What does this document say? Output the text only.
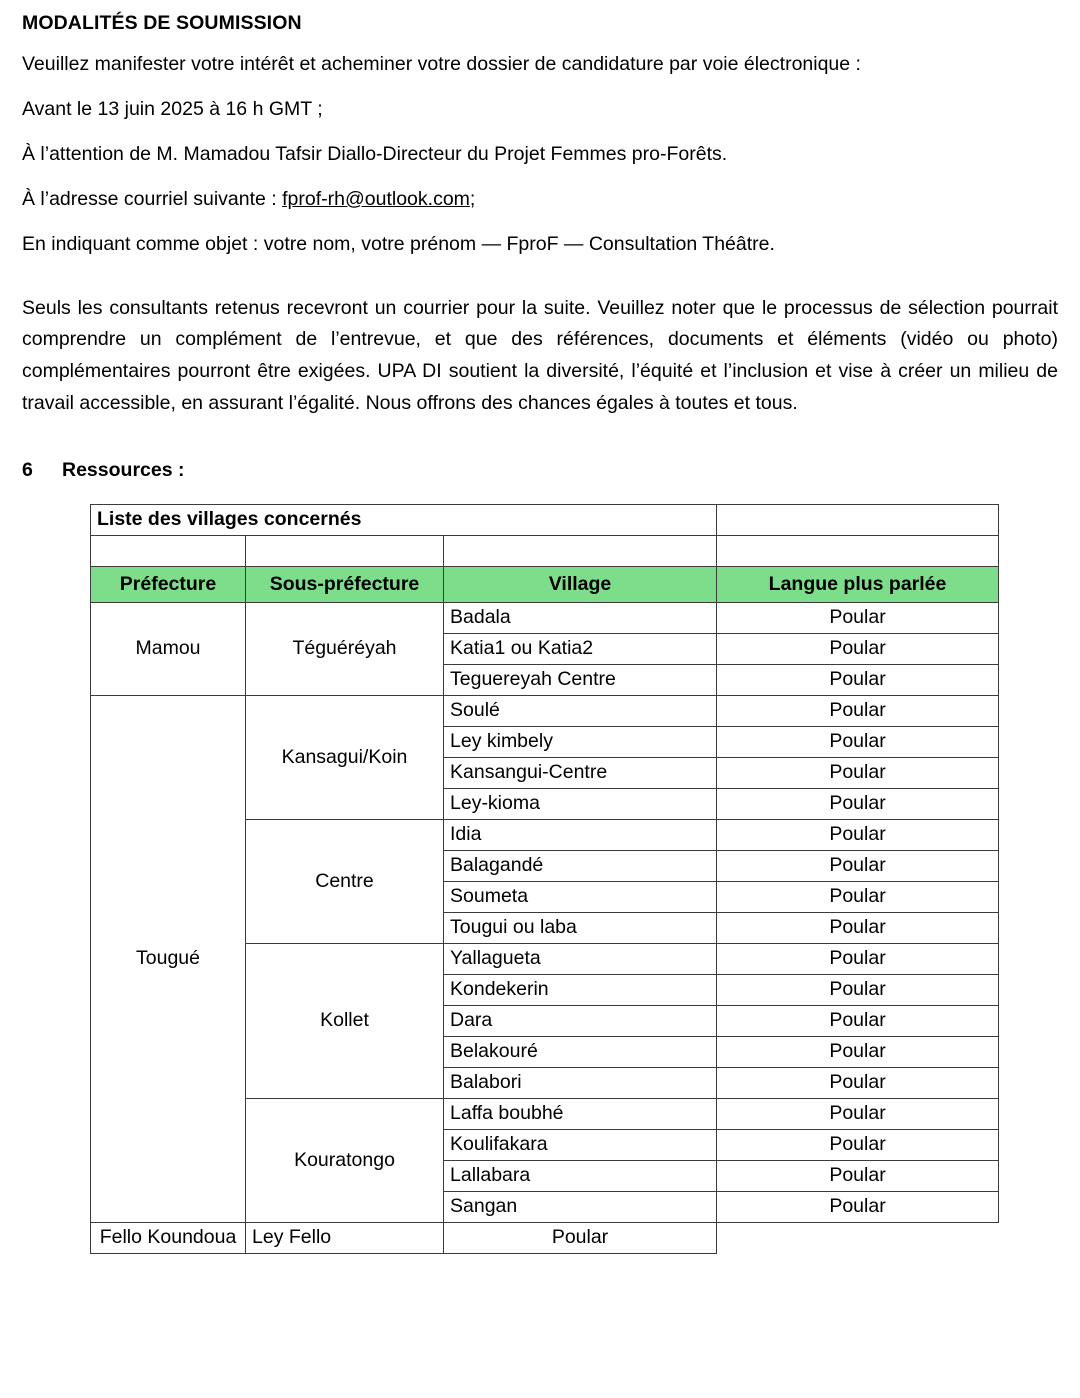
MODALITÉS DE SOUMISSION

Veuillez manifester votre intérêt et acheminer votre dossier de candidature par voie électronique :

Avant le 13 juin 2025 à 16 h GMT ;

À l’attention de M. Mamadou Tafsir Diallo-Directeur du Projet Femmes pro-Forêts.

À l’adresse courriel suivante : fprof-rh@outlook.com;

En indiquant comme objet : votre nom, votre prénom — FproF — Consultation Théâtre.

Seuls les consultants retenus recevront un courrier pour la suite. Veuillez noter que le processus de sélection pourrait comprendre un complément de l’entrevue, et que des références, documents et éléments (vidéo ou photo) complémentaires pourront être exigées. UPA DI soutient la diversité, l’équité et l’inclusion et vise à créer un milieu de travail accessible, en assurant l’égalité. Nous offrons des chances égales à toutes et tous.

6	Ressources :
Liste des villages concernés			

Préfecture	Sous-préfecture	Village	Langue plus parlée
Mamou	Téguéréyah	Badala	Poular
		Katia1 ou Katia2	Poular
		Teguereyah Centre	Poular
Tougué	Kansagui/Koin	Soulé	Poular
		Ley kimbely	Poular
		Kansangui-Centre	Poular
		Ley-kioma	Poular
	Centre	Idia	Poular
		Balagandé	Poular
		Soumeta	Poular
		Tougui ou laba	Poular
	Kollet	Yallagueta	Poular
		Kondekerin	Poular
		Dara	Poular
		Belakouré	Poular
		Balabori	Poular
	Kouratongo	Laffa boubhé	Poular
		Koulifakara	Poular
		Lallabara	Poular
		Sangan	Poular
Fello Koundoua	Ley Fello	Poular	
